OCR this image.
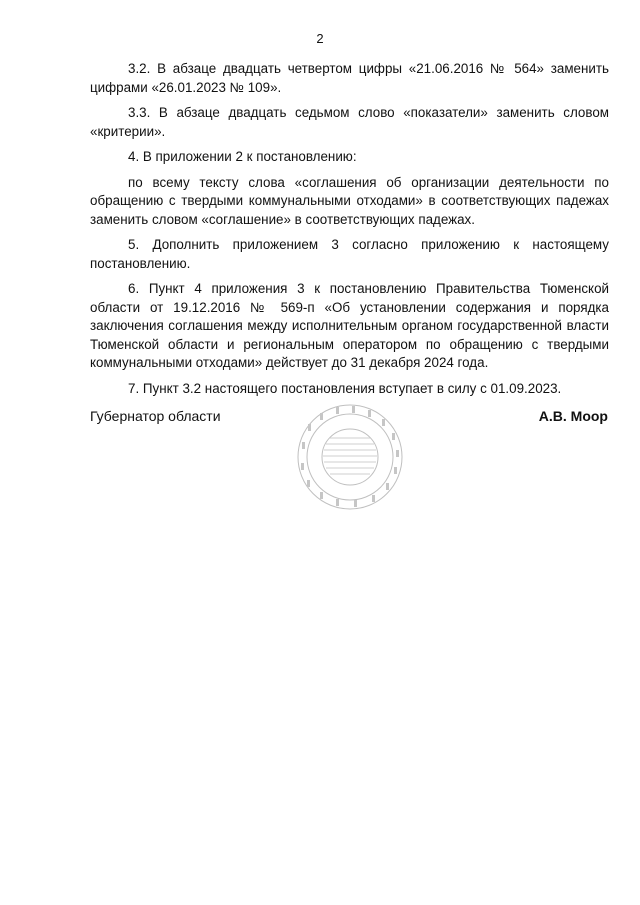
2

3.2. В абзаце двадцать четвертом цифры «21.06.2016 № 564» заменить цифрами «26.01.2023 № 109».

3.3. В абзаце двадцать седьмом слово «показатели» заменить словом «критерии».

4. В приложении 2 к постановлению:

по всему тексту слова «соглашения об организации деятельности по обращению с твердыми коммунальными отходами» в соответствующих падежах заменить словом «соглашение» в соответствующих падежах.

5. Дополнить приложением 3 согласно приложению к настоящему постановлению.

6. Пункт 4 приложения 3 к постановлению Правительства Тюменской области от 19.12.2016 № 569-п «Об установлении содержания и порядка заключения соглашения между исполнительным органом государственной власти Тюменской области и региональным оператором по обращению с твердыми коммунальными отходами» действует до 31 декабря 2024 года.

7. Пункт 3.2 настоящего постановления вступает в силу с 01.09.2023.

Губернатор области	А.В. Моор
